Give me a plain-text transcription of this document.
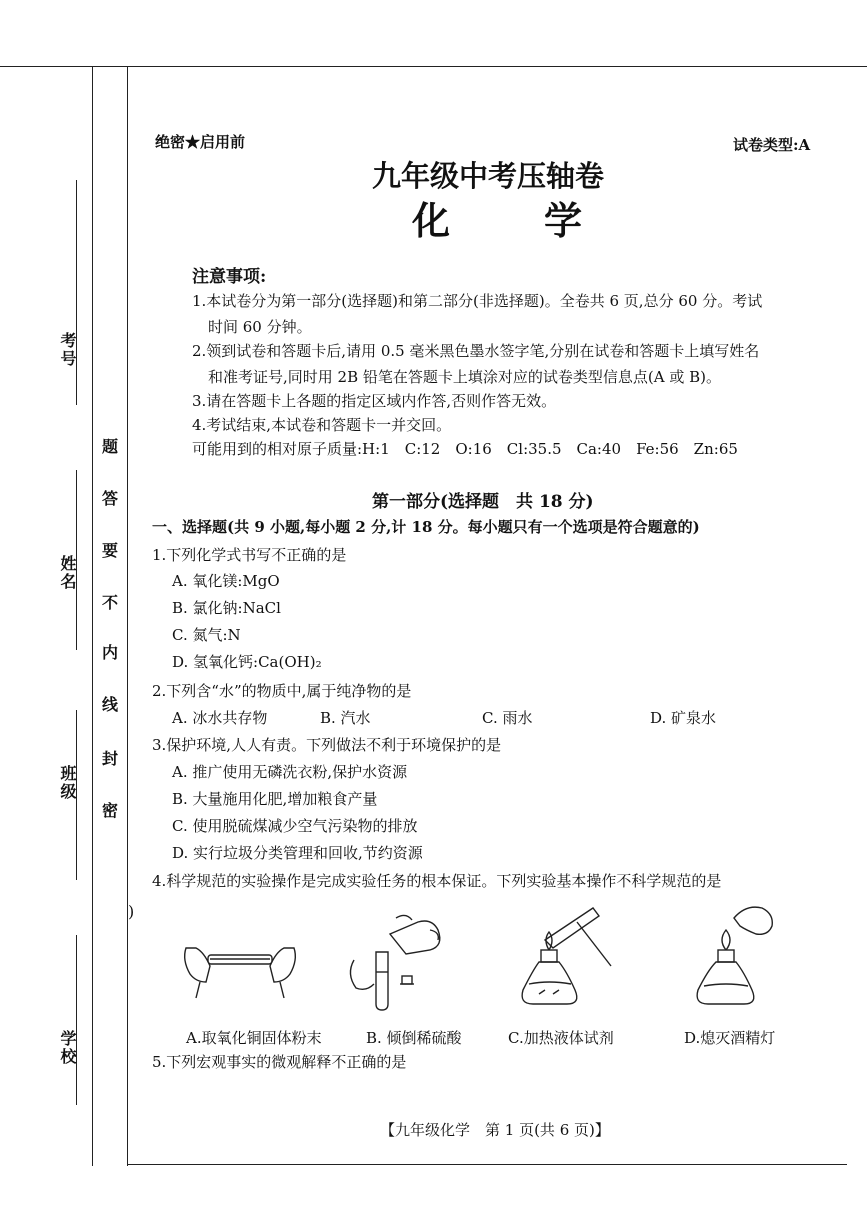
考号
姓名
班级
学校
密
封
线
内
不
要
答
题
)
绝密★启用前	试卷类型:A
九年级中考压轴卷
化　　学
注意事项:
1.本试卷分为第一部分(选择题)和第二部分(非选择题)。全卷共 6 页,总分 60 分。考试
时间 60 分钟。
2.领到试卷和答题卡后,请用 0.5 毫米黑色墨水签字笔,分别在试卷和答题卡上填写姓名
和准考证号,同时用 2B 铅笔在答题卡上填涂对应的试卷类型信息点(A 或 B)。
3.请在答题卡上各题的指定区域内作答,否则作答无效。
4.考试结束,本试卷和答题卡一并交回。
可能用到的相对原子质量:H:1　C:12　O:16　Cl:35.5　Ca:40　Fe:56　Zn:65
第一部分(选择题　共 18 分)
一、选择题(共 9 小题,每小题 2 分,计 18 分。每小题只有一个选项是符合题意的)
1.下列化学式书写不正确的是
A. 氧化镁:MgO
B. 氯化钠:NaCl
C. 氮气:N
D. 氢氧化钙:Ca(OH)₂
2.下列含“水”的物质中,属于纯净物的是
A. 冰水共存物	B. 汽水	C. 雨水	D. 矿泉水
3.保护环境,人人有责。下列做法不利于环境保护的是
A. 推广使用无磷洗衣粉,保护水资源
B. 大量施用化肥,增加粮食产量
C. 使用脱硫煤减少空气污染物的排放
D. 实行垃圾分类管理和回收,节约资源
4.科学规范的实验操作是完成实验任务的根本保证。下列实验基本操作不科学规范的是
A.取氧化铜固体粉末	B. 倾倒稀硫酸	C.加热液体试剂	D.熄灭酒精灯
5.下列宏观事实的微观解释不正确的是
【九年级化学　第 1 页(共 6 页)】
